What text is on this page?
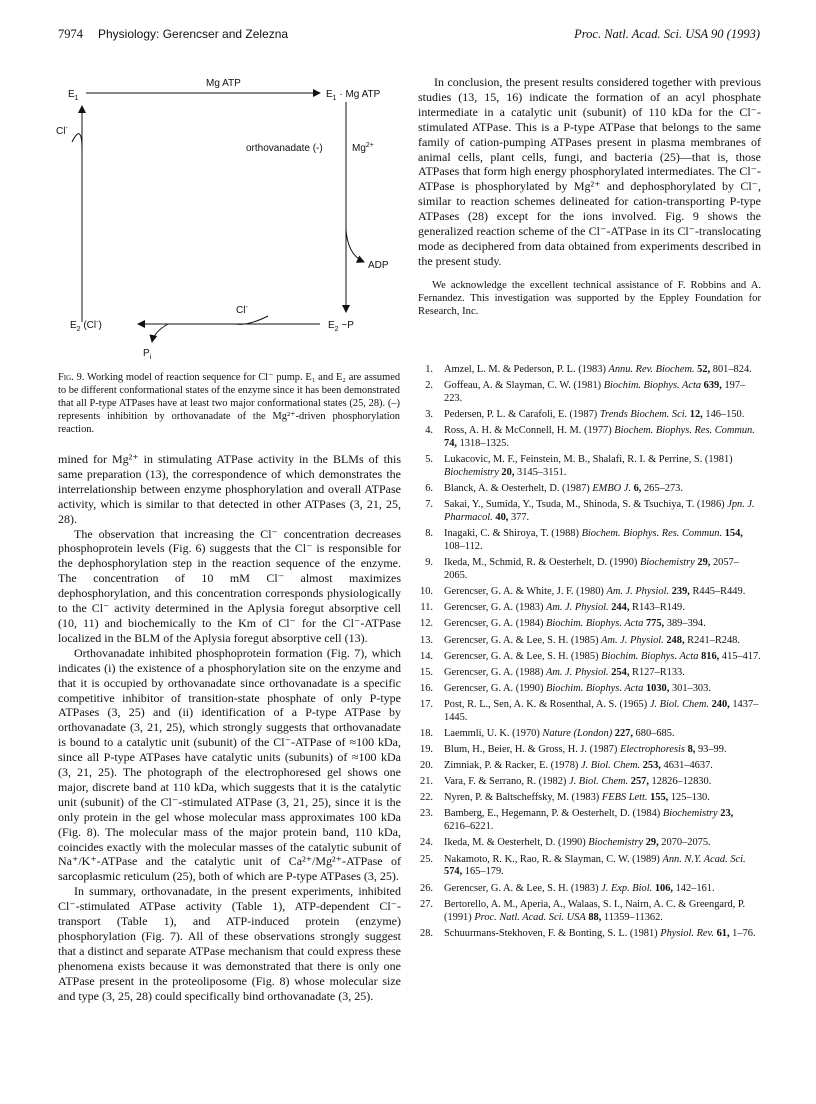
7974 Physiology: Gerencser and Zelezna	Proc. Natl. Acad. Sci. USA 90 (1993)
$E_1$
Mg ATP
$E_1 \cdot Mg$ ATP
Cl-
orthovanadate (-)	$Mg^{2+}$
ADP
$E_2$ (Cl-)	$E_2$ ~P
Cl-
$P_i$
Fig. 9. Working model of reaction sequence for Cl⁻ pump. E₁ and E₂ are assumed to be different conformational states of the enzyme since it has been demonstrated that all P-type ATPases have at least two major conformational states (25, 28). (–) represents inhibition by orthovanadate of the Mg²⁺-driven phosphorylation reaction.

mined for Mg²⁺ in stimulating ATPase activity in the BLMs of this same preparation (13), the correspondence of which demonstrates the interrelationship between enzyme phosphorylation and overall ATPase activity, which is similar to that detected in other ATPases (3, 21, 25, 28).

The observation that increasing the Cl⁻ concentration decreases phosphoprotein levels (Fig. 6) suggests that the Cl⁻ is responsible for the dephosphorylation step in the reaction sequence of the enzyme. The concentration of 10 mM Cl⁻ almost maximizes dephosphorylation, and this concentration corresponds physiologically to the Cl⁻ activity determined in the Aplysia foregut absorptive cell (10, 11) and biochemically to the Km of Cl⁻ for the Cl⁻-ATPase localized in the BLM of the Aplysia foregut absorptive cell (13).

Orthovanadate inhibited phosphoprotein formation (Fig. 7), which indicates (i) the existence of a phosphorylation site on the enzyme and that it is occupied by orthovanadate since orthovanadate is a specific competitive inhibitor of transition-state phosphate of only P-type ATPases (3, 25) and (ii) identification of a P-type ATPase by orthovanadate (3, 21, 25), which strongly suggests that orthovanadate is bound to a catalytic unit (subunit) of the Cl⁻-ATPase of ≈100 kDa, since all P-type ATPases have catalytic units (subunits) of ≈100 kDa (3, 21, 25). The photograph of the electrophoresed gel shows one major, discrete band at 110 kDa, which suggests that it is the catalytic unit (subunit) of the Cl⁻-stimulated ATPase (3, 21, 25), since it is the only protein in the gel whose molecular mass approximates 100 kDa (Fig. 8). The molecular mass of the major protein band, 110 kDa, coincides exactly with the molecular masses of the catalytic subunit of Na⁺/K⁺-ATPase and the catalytic unit of Ca²⁺/Mg²⁺-ATPase of sarcoplasmic reticulum (25), both of which are P-type ATPases (3, 25).

In summary, orthovanadate, in the present experiments, inhibited Cl⁻-stimulated ATPase activity (Table 1), ATP-dependent Cl⁻-transport (Table 1), and ATP-induced protein (enzyme) phosphorylation (Fig. 7). All of these observations strongly suggest that a distinct and separate ATPase mechanism that could express these phenomena exists because it was demonstrated that there is only one ATPase present in the proteoliposome (Fig. 8) whose molecular size and type (3, 25, 28) could specifically bind orthovanadate (3, 25).

In conclusion, the present results considered together with previous studies (13, 15, 16) indicate the formation of an acyl phosphate intermediate in a catalytic unit (subunit) of 110 kDa for the Cl⁻-stimulated ATPase. This is a P-type ATPase that belongs to the same family of cation-pumping ATPases present in plasma membranes of animal cells, plant cells, fungi, and bacteria (25)—that is, those ATPases that form high energy phosphorylated intermediates. The Cl⁻-ATPase is phosphorylated by Mg²⁺ and dephosphorylated by Cl⁻, similar to reaction schemes delineated for cation-transporting P-type ATPases (28) except for the ions involved. Fig. 9 shows the generalized reaction scheme of the Cl⁻-ATPase in its Cl⁻-translocating mode as deciphered from data obtained from experiments described in the present study.

We acknowledge the excellent technical assistance of F. Robbins and A. Fernandez. This investigation was supported by the Eppley Foundation for Research, Inc.

1. Amzel, L. M. & Pederson, P. L. (1983) Annu. Rev. Biochem. 52, 801–824.

2. Goffeau, A. & Slayman, C. W. (1981) Biochim. Biophys. Acta 639, 197–223.

3. Pedersen, P. L. & Carafoli, E. (1987) Trends Biochem. Sci. 12, 146–150.

4. Ross, A. H. & McConnell, H. M. (1977) Biochem. Biophys. Res. Commun. 74, 1318–1325.

5. Lukacovic, M. F., Feinstein, M. B., Shalafi, R. I. & Perrine, S. (1981) Biochemistry 20, 3145–3151.

6. Blanck, A. & Oesterhelt, D. (1987) EMBO J. 6, 265–273.

7. Sakai, Y., Sumida, Y., Tsuda, M., Shinoda, S. & Tsuchiya, T. (1986) Jpn. J. Pharmacol. 40, 377.

8. Inagaki, C. & Shiroya, T. (1988) Biochem. Biophys. Res. Commun. 154, 108–112.

9. Ikeda, M., Schmid, R. & Oesterhelt, D. (1990) Biochemistry 29, 2057–2065.

10. Gerencser, G. A. & White, J. F. (1980) Am. J. Physiol. 239, R445–R449.

11. Gerencser, G. A. (1983) Am. J. Physiol. 244, R143–R149.

12. Gerencser, G. A. (1984) Biochim. Biophys. Acta 775, 389–394.

13. Gerencser, G. A. & Lee, S. H. (1985) Am. J. Physiol. 248, R241–R248.

14. Gerencser, G. A. & Lee, S. H. (1985) Biochim. Biophys. Acta 816, 415–417.

15. Gerencser, G. A. (1988) Am. J. Physiol. 254, R127–R133.

16. Gerencser, G. A. (1990) Biochim. Biophys. Acta 1030, 301–303.

17. Post, R. L., Sen, A. K. & Rosenthal, A. S. (1965) J. Biol. Chem. 240, 1437–1445.

18. Laemmli, U. K. (1970) Nature (London) 227, 680–685.

19. Blum, H., Beier, H. & Gross, H. J. (1987) Electrophoresis 8, 93–99.

20. Zimniak, P. & Racker, E. (1978) J. Biol. Chem. 253, 4631–4637.

21. Vara, F. & Serrano, R. (1982) J. Biol. Chem. 257, 12826–12830.

22. Nyren, P. & Baltscheffsky, M. (1983) FEBS Lett. 155, 125–130.

23. Bamberg, E., Hegemann, P. & Oesterhelt, D. (1984) Biochemistry 23, 6216–6221.

24. Ikeda, M. & Oesterhelt, D. (1990) Biochemistry 29, 2070–2075.

25. Nakamoto, R. K., Rao, R. & Slayman, C. W. (1989) Ann. N.Y. Acad. Sci. 574, 165–179.

26. Gerencser, G. A. & Lee, S. H. (1983) J. Exp. Biol. 106, 142–161.

27. Bertorello, A. M., Aperia, A., Walaas, S. I., Nairn, A. C. & Greengard, P. (1991) Proc. Natl. Acad. Sci. USA 88, 11359–11362.

28. Schuurmans-Stekhoven, F. & Bonting, S. L. (1981) Physiol. Rev. 61, 1–76.
